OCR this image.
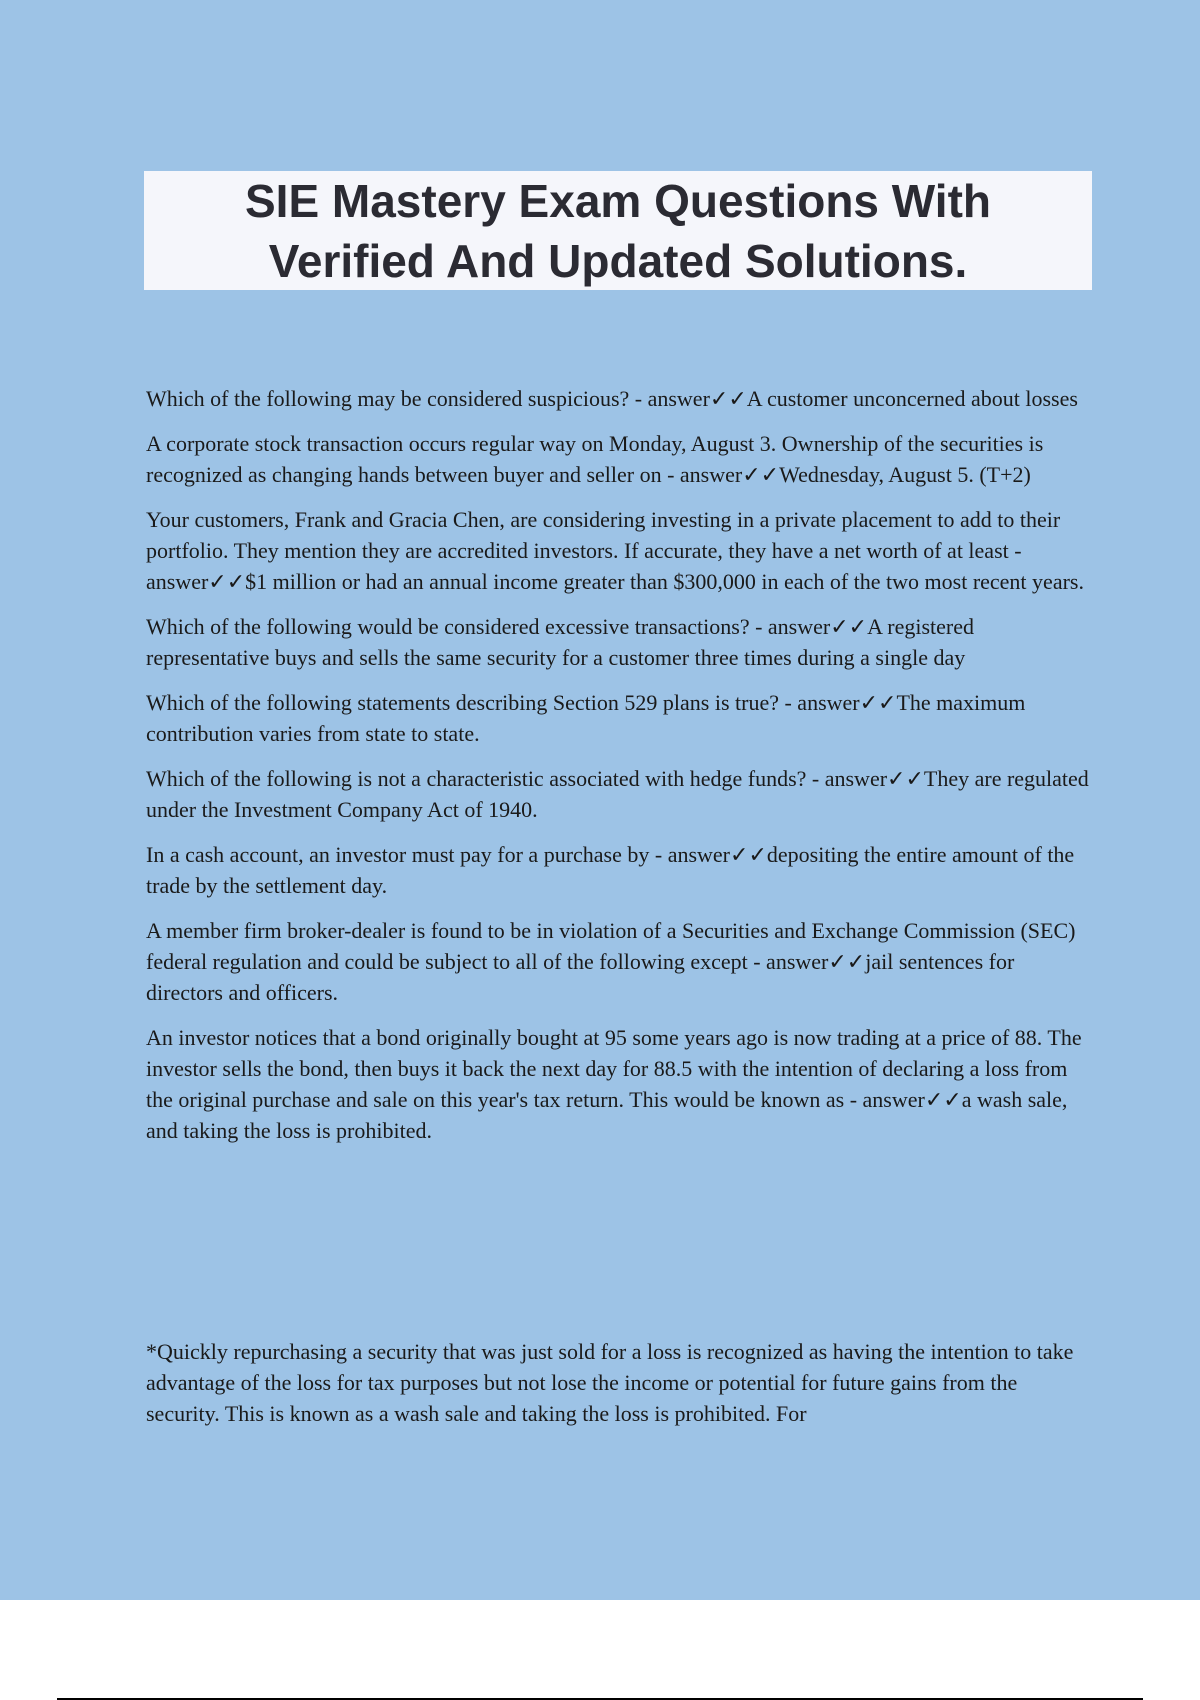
SIE Mastery Exam Questions With Verified And Updated Solutions.

Which of the following may be considered suspicious? - answer✓✓A customer unconcerned about losses

A corporate stock transaction occurs regular way on Monday, August 3. Ownership of the securities is recognized as changing hands between buyer and seller on - answer✓✓Wednesday, August 5. (T+2)

Your customers, Frank and Gracia Chen, are considering investing in a private placement to add to their portfolio. They mention they are accredited investors. If accurate, they have a net worth of at least - answer✓✓$1 million or had an annual income greater than $300,000 in each of the two most recent years.

Which of the following would be considered excessive transactions? - answer✓✓A registered representative buys and sells the same security for a customer three times during a single day

Which of the following statements describing Section 529 plans is true? - answer✓✓The maximum contribution varies from state to state.

Which of the following is not a characteristic associated with hedge funds? - answer✓✓They are regulated under the Investment Company Act of 1940.

In a cash account, an investor must pay for a purchase by - answer✓✓depositing the entire amount of the trade by the settlement day.

A member firm broker-dealer is found to be in violation of a Securities and Exchange Commission (SEC) federal regulation and could be subject to all of the following except - answer✓✓jail sentences for directors and officers.

An investor notices that a bond originally bought at 95 some years ago is now trading at a price of 88. The investor sells the bond, then buys it back the next day for 88.5 with the intention of declaring a loss from the original purchase and sale on this year's tax return. This would be known as - answer✓✓a wash sale, and taking the loss is prohibited.

*Quickly repurchasing a security that was just sold for a loss is recognized as having the intention to take advantage of the loss for tax purposes but not lose the income or potential for future gains from the security. This is known as a wash sale and taking the loss is prohibited. For
